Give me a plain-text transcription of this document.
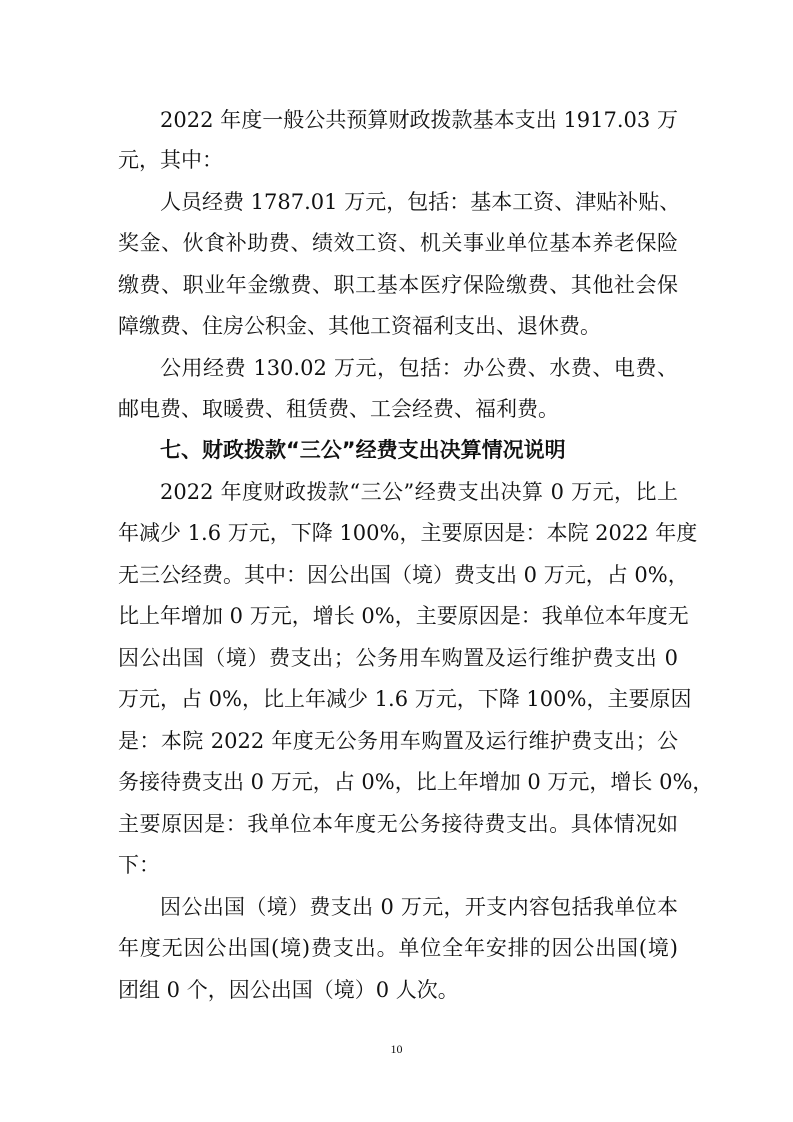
2022 年度一般公共预算财政拨款基本支出 1917.03 万
元，其中：
人员经费 1787.01 万元，包括：基本工资、津贴补贴、
奖金、伙食补助费、绩效工资、机关事业单位基本养老保险
缴费、职业年金缴费、职工基本医疗保险缴费、其他社会保
障缴费、住房公积金、其他工资福利支出、退休费。
公用经费 130.02 万元，包括：办公费、水费、电费、
邮电费、取暖费、租赁费、工会经费、福利费。
七、财政拨款“三公”经费支出决算情况说明
2022 年度财政拨款“三公”经费支出决算 0 万元，比上
年减少 1.6 万元，下降 100%，主要原因是：本院 2022 年度
无三公经费。其中：因公出国（境）费支出 0 万元，占 0%，
比上年增加 0 万元，增长 0%，主要原因是：我单位本年度无
因公出国（境）费支出；公务用车购置及运行维护费支出 0
万元，占 0%，比上年减少 1.6 万元，下降 100%，主要原因
是：本院 2022 年度无公务用车购置及运行维护费支出；公
务接待费支出 0 万元，占 0%，比上年增加 0 万元，增长 0%，
主要原因是：我单位本年度无公务接待费支出。具体情况如
下：
因公出国（境）费支出 0 万元，开支内容包括我单位本
年度无因公出国(境)费支出。单位全年安排的因公出国(境)
团组 0 个，因公出国（境）0 人次。
10
